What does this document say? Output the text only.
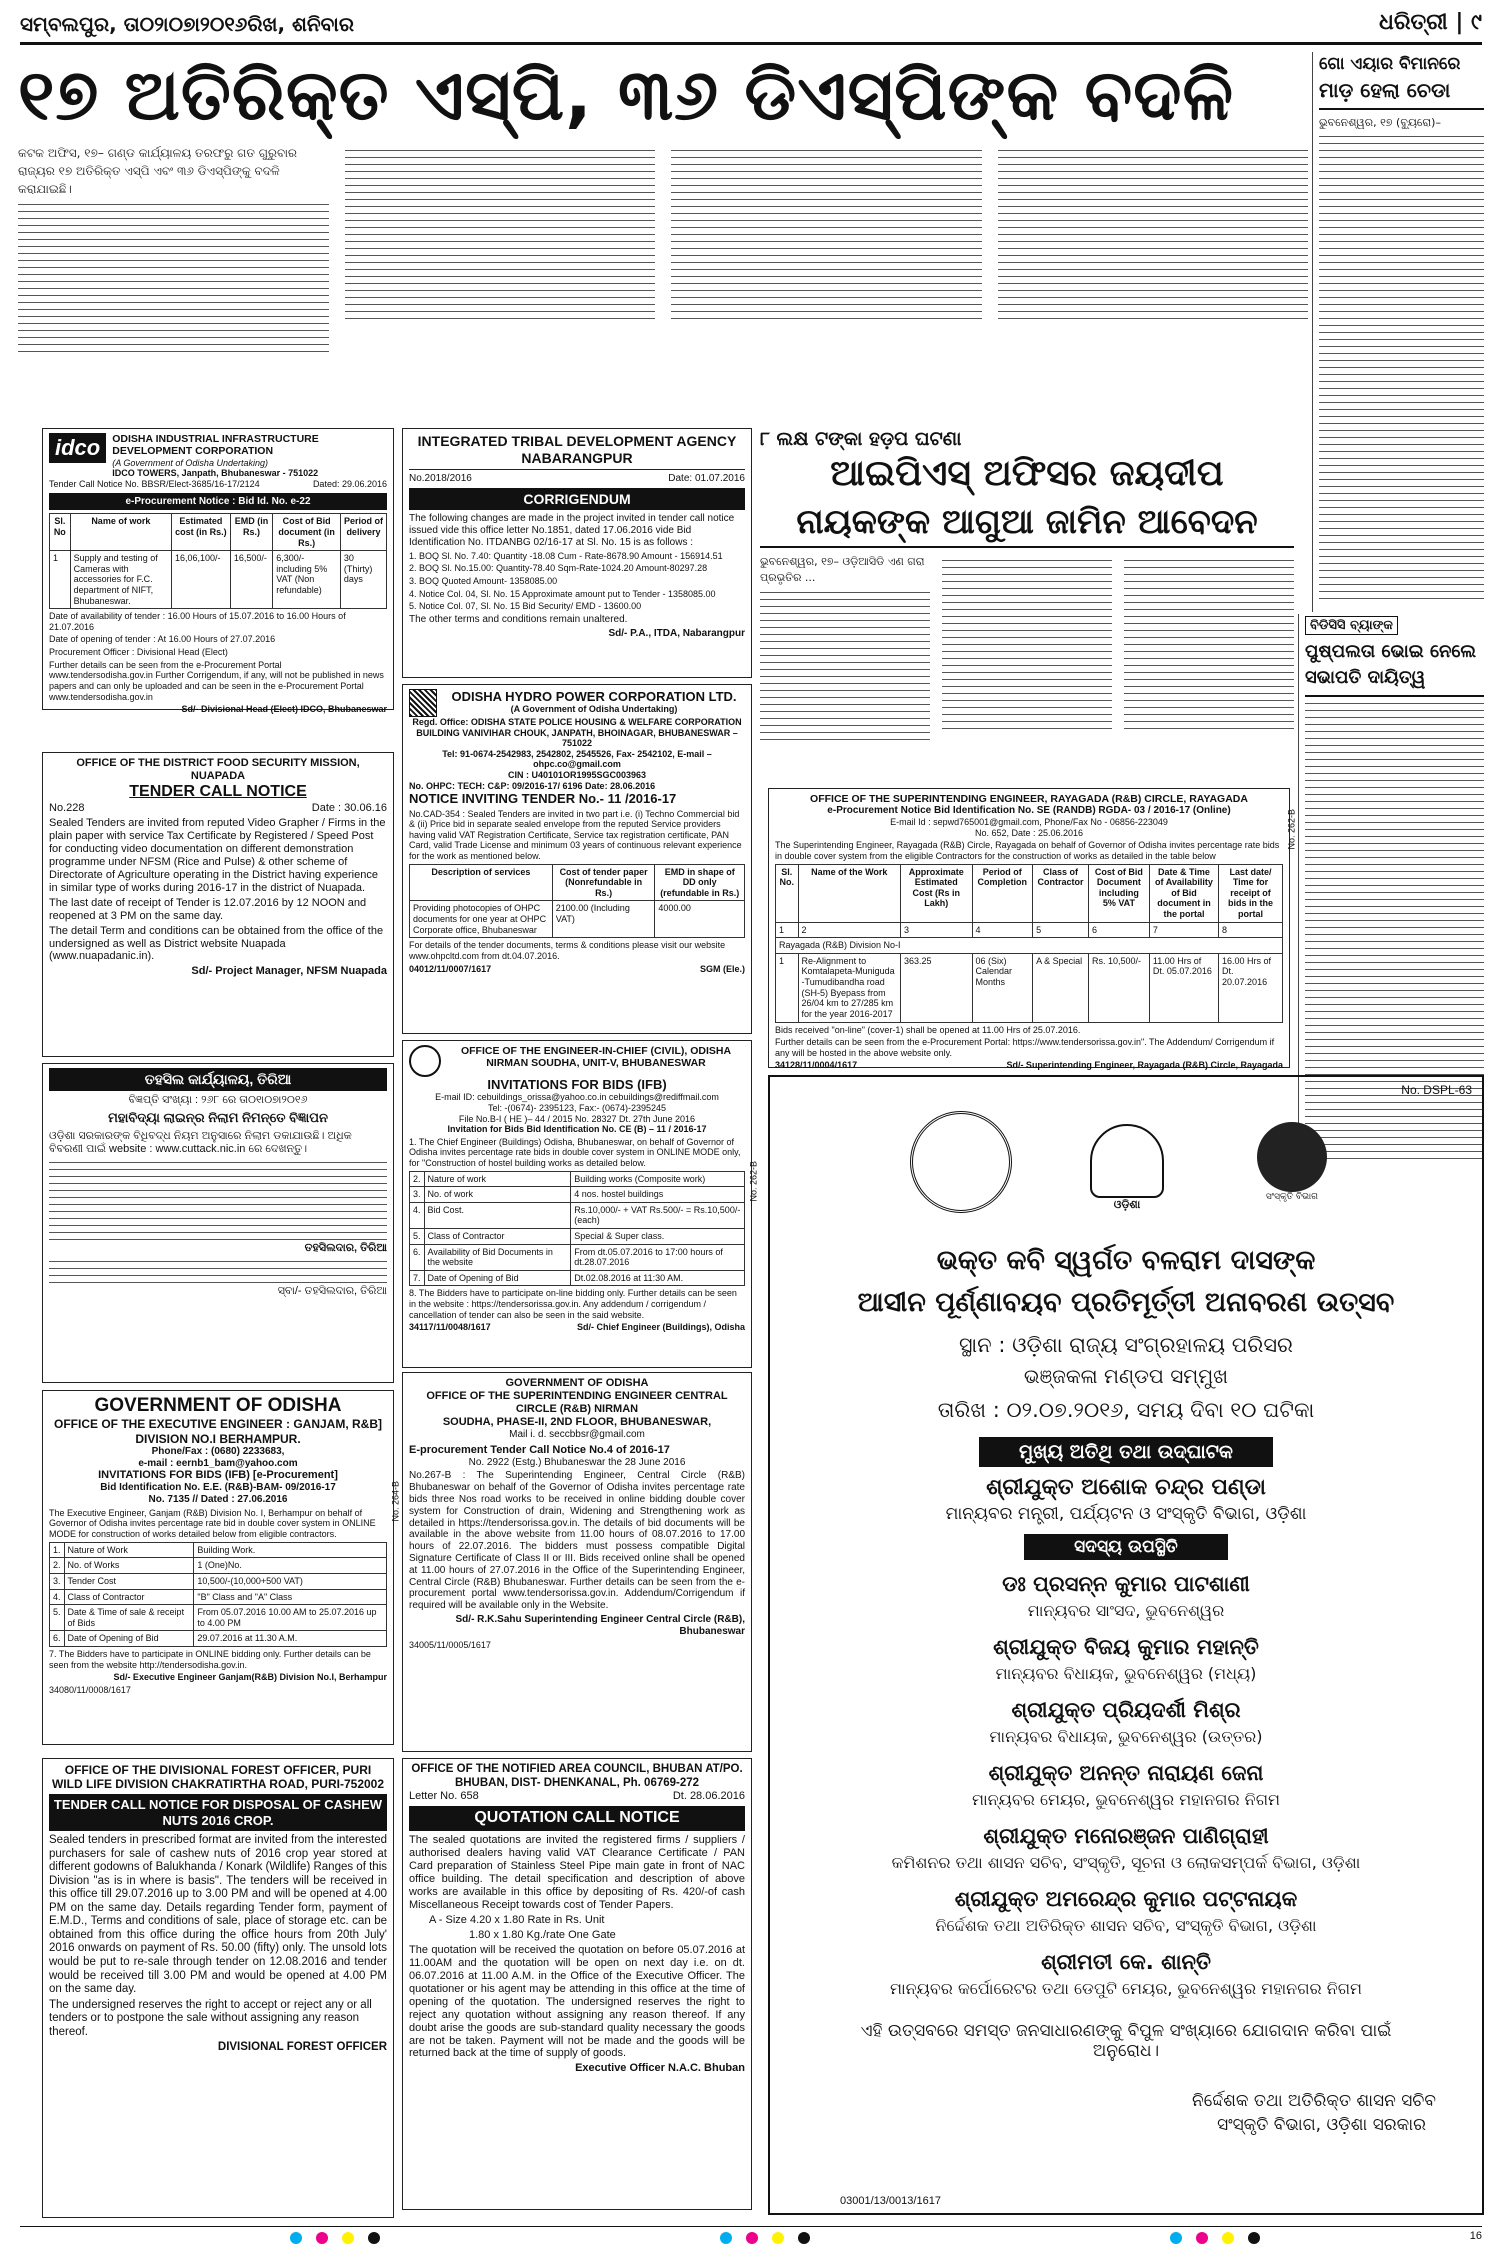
ସମ୍ବଲପୁର, ତା୦୨ା୦୭ା୨୦୧୬ରିଖ, ଶନିବାର	ଧରିତ୍ରୀ | ୯
୧୭ ଅତିରିକ୍ତ ଏସ୍‌ପି, ୩୬ ଡିଏସ୍‌ପିଙ୍କ ବଦଳି
କଟକ ଅଫିସ, ୧୭– ଗଣ୍ଡ କାର୍ଯ୍ୟାଳୟ ତରଫରୁ ଗତ ଗୁରୁବାର ରାଜ୍ୟର ୧୭ ଅତିରିକ୍ତ ଏସ୍‌ପି ଏବଂ ୩୬ ଡିଏସ୍‌ପିଙ୍କୁ ବଦଳି କରାଯାଇଛି।
ଗୋ ଏୟାର ବିମାନରେ
ମାଡ଼ ହେଲା ଚେଡା
ଭୁବନେଶ୍ୱର, ୧୭ (ବ୍ୟୁରୋ)–
ବିଡିସିସି ବ୍ୟାଙ୍କ
ପୁଷ୍ପଲତା ଭୋଇ ନେଲେ ସଭାପତି ଦାୟିତ୍ୱ
୮ ଲକ୍ଷ ଟଙ୍କା ହଡ଼ପ ଘଟଣା
ଆଇପିଏସ୍ ଅଫିସର ଜୟଦୀପ
ନାୟକଙ୍କ ଆଗୁଆ ଜାମିନ ଆବେଦନ
ଭୁବନେଶ୍ୱର, ୧୭– ଓଡ଼ିଆସିଡି ଏଣ ଗରା ପ୍ରଭୃତିର ...
idco	ODISHA INDUSTRIAL INFRASTRUCTURE DEVELOPMENT CORPORATION
(A Government of Odisha Undertaking)
IDCO TOWERS, Janpath, Bhubaneswar - 751022
Tender Call Notice No. BBSR/Elect-3685/16-17/2124	Dated: 29.06.2016
e-Procurement Notice : Bid Id. No. e-22
Sl. No	Name of work	Estimated cost (in Rs.)	EMD (in Rs.)	Cost of Bid document (in Rs.)	Period of delivery
1	Supply and testing of Cameras with accessories for F.C. department of NIFT, Bhubaneswar.	16,06,100/-	16,500/-	6,300/- including 5% VAT (Non refundable)	30 (Thirty) days

Date of availability of tender : 16.00 Hours of 15.07.2016 to 16.00 Hours of 21.07.2016

Date of opening of tender : At 16.00 Hours of 27.07.2016

Procurement Officer : Divisional Head (Elect)

Further details can be seen from the e-Procurement Portal www.tendersodisha.gov.in Further Corrigendum, if any, will not be published in news papers and can only be uploaded and can be seen in the e-Procurement Portal www.tendersodisha.gov.in

Sd/- Divisional Head (Elect) IDCO, Bhubaneswar

INTEGRATED TRIBAL DEVELOPMENT AGENCY NABARANGPUR
No.2018/2016	Date: 01.07.2016
CORRIGENDUM

The following changes are made in the project invited in tender call notice issued vide this office letter No.1851, dated 17.06.2016 vide Bid Identification No. ITDANBG 02/16-17 at Sl. No. 15 is as follows :

1. BOQ Sl. No. 7.40: Quantity -18.08 Cum - Rate-8678.90 Amount - 156914.51

2. BOQ Sl. No.15.00: Quantity-78.40 Sqm-Rate-1024.20 Amount-80297.28

3. BOQ Quoted Amount- 1358085.00

4. Notice Col. 04, Sl. No. 15 Approximate amount put to Tender - 1358085.00

5. Notice Col. 07, Sl. No. 15 Bid Security/ EMD - 13600.00

The other terms and conditions remain unaltered.

Sd/- P.A., ITDA, Nabarangpur

OFFICE OF THE DISTRICT FOOD SECURITY MISSION, NUAPADA
TENDER CALL NOTICE
No.228	Date : 30.06.16

Sealed Tenders are invited from reputed Video Grapher / Firms in the plain paper with service Tax Certificate by Registered / Speed Post for conducting video documentation on different demonstration programme under NFSM (Rice and Pulse) & other scheme of Directorate of Agriculture operating in the District having experience in similar type of works during 2016-17 in the district of Nuapada.

The last date of receipt of Tender is 12.07.2016 by 12 NOON and reopened at 3 PM on the same day.

The detail Term and conditions can be obtained from the office of the undersigned as well as District website Nuapada (www.nuapadanic.in).

Sd/- Project Manager, NFSM Nuapada

ODISHA HYDRO POWER CORPORATION LTD.
(A Government of Odisha Undertaking)
Regd. Office: ODISHA STATE POLICE HOUSING & WELFARE CORPORATION BUILDING VANIVIHAR CHOUK, JANPATH, BHOINAGAR, BHUBANESWAR – 751022
Tel: 91-0674-2542983, 2542802, 2545526, Fax- 2542102, E-mail – ohpc.co@gmail.com
CIN : U40101OR1995SGC003963
No. OHPC: TECH: C&P: 09/2016-17/ 6196 Date: 28.06.2016
NOTICE INVITING TENDER No.- 11 /2016-17

No.CAD-354 : Sealed Tenders are invited in two part i.e. (i) Techno Commercial bid & (ii) Price bid in separate sealed envelope from the reputed Service providers having valid VAT Registration Certificate, Service tax registration certificate, PAN Card, valid Trade License and minimum 03 years of continuous relevant experience for the work as mentioned below.

Description of services	Cost of tender paper (Nonrefundable in Rs.)	EMD in shape of DD only (refundable in Rs.)
Providing photocopies of OHPC documents for one year at OHPC Corporate office, Bhubaneswar	2100.00 (Including VAT)	4000.00

For details of the tender documents, terms & conditions please visit our website www.ohpcltd.com from dt.04.07.2016.

04012/11/0007/1617	SGM (Ele.)
ତହସିଲ କାର୍ଯ୍ୟାଳୟ, ତିରିଆ
ବିଜ୍ଞପ୍ତି ସଂଖ୍ୟା : ୨୬୮ ରେ ତା୦୧ା୦୭ା୨୦୧୬
ମହାବିଦ୍ୟା ଲାଇନ୍‌ର ନିଲାମ ନିମନ୍ତେ ବିଜ୍ଞାପନ

ଓଡ଼ିଶା ସରକାରଙ୍କ ବିଧିବଦ୍ଧ ନିୟମ ଅନୁସାରେ ନିଲାମ ଡକାଯାଉଛି। ଅଧିକ ବିବରଣୀ ପାଇଁ website : www.cuttack.nic.in ରେ ଦେଖନ୍ତୁ।

ତହସିଲଦାର, ତିରିଆ

ସ୍ବା/- ତହସିଲଦାର, ତିରିଆ

OFFICE OF THE ENGINEER-IN-CHIEF (CIVIL), ODISHA NIRMAN SOUDHA, UNIT-V, BHUBANESWAR
INVITATIONS FOR BIDS (IFB)
E-mail ID: cebuildings_orissa@yahoo.co.in cebuildings@rediffmail.com
Tel: -(0674)- 2395123, Fax:- (0674)-2395245
File No.B-I ( HE )– 44 / 2015 No. 28327 Dt. 27th June 2016
Invitation for Bids Bid Identification No. CE (B) – 11 / 2016-17

1. The Chief Engineer (Buildings) Odisha, Bhubaneswar, on behalf of Governor of Odisha invites percentage rate bids in double cover system in ONLINE MODE only, for "Construction of hostel building works as detailed below.

2.	Nature of work	Building works (Composite work)
3.	No. of work	4 nos. hostel buildings
4.	Bid Cost.	Rs.10,000/- + VAT Rs.500/- = Rs.10,500/- (each)
5.	Class of Contractor	Special & Super class.
6.	Availability of Bid Documents in the website	From dt.05.07.2016 to 17:00 hours of dt.28.07.2016
7.	Date of Opening of Bid	Dt.02.08.2016 at 11:30 AM.

8. The Bidders have to participate on-line bidding only. Further details can be seen in the website : https://tendersorissa.gov.in. Any addendum / corrigendum / cancellation of tender can also be seen in the said website.

34117/11/0048/1617	Sd/- Chief Engineer (Buildings), Odisha
No. 262-B
OFFICE OF THE SUPERINTENDING ENGINEER, RAYAGADA (R&B) CIRCLE, RAYAGADA
e-Procurement Notice Bid Identification No. SE (RANDB) RGDA- 03 / 2016-17 (Online)
E-mail Id : sepwd765001@gmail.com, Phone/Fax No - 06856-223049
No. 652, Date : 25.06.2016

The Superintending Engineer, Rayagada (R&B) Circle, Rayagada on behalf of Governor of Odisha invites percentage rate bids in double cover system from the eligible Contractors for the construction of works as detailed in the table below

Sl. No.	Name of the Work	Approximate Estimated Cost (Rs in Lakh)	Period of Completion	Class of Contractor	Cost of Bid Document including 5% VAT	Date & Time of Availability of Bid document in the portal	Last date/ Time for receipt of bids in the portal
1	2	3	4	5	6	7	8
Rayagada (R&B) Division No-I							
1	Re-Alignment to Komtalapeta-Muniguda -Tumudibandha road (SH-5) Byepass from 26/04 km to 27/285 km for the year 2016-2017	363.25	06 (Six) Calendar Months	A & Special	Rs. 10,500/-	11.00 Hrs of Dt. 05.07.2016	16.00 Hrs of Dt. 20.07.2016

Bids received "on-line" (cover-1) shall be opened at 11.00 Hrs of 25.07.2016.

Further details can be seen from the e-Procurement Portal: https://www.tendersorissa.gov.in". The Addendum/ Corrigendum if any will be hosted in the above website only.

34128/11/0004/1617	Sd/- Superintending Engineer, Rayagada (R&B) Circle, Rayagada
No. 262-B
No. DSPL-63
ଓଡ଼ିଶା
ସଂସ୍କୃତି ବିଭାଗ
ଭକ୍ତ କବି ସ୍ୱର୍ଗତ ବଳରାମ ଦାସଙ୍କ
ଆସୀନ ପୂର୍ଣ୍ଣାବୟବ ପ୍ରତିମୂର୍ତ୍ତୀ ଅନାବରଣ ଉତ୍ସବ
ସ୍ଥାନ : ଓଡ଼ିଶା ରାଜ୍ୟ ସଂଗ୍ରହାଳୟ ପରିସର
ଭଞ୍ଜକଳା ମଣ୍ଡପ ସମ୍ମୁଖ
ତାରିଖ : ୦୨.୦୭.୨୦୧୬, ସମୟ ଦିବା ୧୦ ଘଟିକା
ମୁଖ୍ୟ ଅତିଥି ତଥା ଉଦ୍‌ଘାଟକ
ଶ୍ରୀଯୁକ୍ତ ଅଶୋକ ଚନ୍ଦ୍ର ପଣ୍ଡା
ମାନ୍ୟବର ମନ୍ତ୍ରୀ, ପର୍ଯ୍ୟଟନ ଓ ସଂସ୍କୃତି ବିଭାଗ, ଓଡ଼ିଶା
ସଦସ୍ୟ ଉପସ୍ଥିତି
ଡଃ ପ୍ରସନ୍ନ କୁମାର ପାଟଶାଣୀ
ମାନ୍ୟବର ସାଂସଦ, ଭୁବନେଶ୍ୱର
ଶ୍ରୀଯୁକ୍ତ ବିଜୟ କୁମାର ମହାନ୍ତି
ମାନ୍ୟବର ବିଧାୟକ, ଭୁବନେଶ୍ୱର (ମଧ୍ୟ)
ଶ୍ରୀଯୁକ୍ତ ପ୍ରିୟଦର୍ଶୀ ମିଶ୍ର
ମାନ୍ୟବର ବିଧାୟକ, ଭୁବନେଶ୍ୱର (ଉତ୍ତର)
ଶ୍ରୀଯୁକ୍ତ ଅନନ୍ତ ନାରାୟଣ ଜେନା
ମାନ୍ୟବର ମେୟର, ଭୁବନେଶ୍ୱର ମହାନଗର ନିଗମ
ଶ୍ରୀଯୁକ୍ତ ମନୋରଞ୍ଜନ ପାଣିଗ୍ରାହୀ
କମିଶନର ତଥା ଶାସନ ସଚିବ, ସଂସ୍କୃତି, ସୂଚନା ଓ ଲୋକସମ୍ପର୍କ ବିଭାଗ, ଓଡ଼ିଶା
ଶ୍ରୀଯୁକ୍ତ ଅମରେନ୍ଦ୍ର କୁମାର ପଟ୍ଟନାୟକ
ନିର୍ଦ୍ଦେଶକ ତଥା ଅତିରିକ୍ତ ଶାସନ ସଚିବ, ସଂସ୍କୃତି ବିଭାଗ, ଓଡ଼ିଶା
ଶ୍ରୀମତୀ କେ. ଶାନ୍ତି
ମାନ୍ୟବର କର୍ପୋରେଟର ତଥା ଡେପୁଟି ମେୟର, ଭୁବନେଶ୍ୱର ମହାନଗର ନିଗମ
ଏହି ଉତ୍ସବରେ ସମସ୍ତ ଜନସାଧାରଣଙ୍କୁ ବିପୁଳ ସଂଖ୍ୟାରେ ଯୋଗଦାନ କରିବା ପାଇଁ ଅନୁରୋଧ।
ନିର୍ଦ୍ଦେଶକ ତଥା ଅତିରିକ୍ତ ଶାସନ ସଚିବ
ସଂସ୍କୃତି ବିଭାଗ, ଓଡ଼ିଶା ସରକାର
03001/13/0013/1617
GOVERNMENT OF ODISHA
OFFICE OF THE EXECUTIVE ENGINEER : GANJAM, R&B] DIVISION NO.I BERHAMPUR.
Phone/Fax : (0680) 2233683,
e-mail : eernb1_bam@yahoo.com
INVITATIONS FOR BIDS (IFB) [e-Procurement]
Bid Identification No. E.E. (R&B)-BAM- 09/2016-17
No. 7135 // Dated : 27.06.2016

The Executive Engineer, Ganjam (R&B) Division No. I, Berhampur on behalf of Governor of Odisha invites percentage rate bid in double cover system in ONLINE MODE for construction of works detailed below from eligible contractors.

1.	Nature of Work	Building Work.
2.	No. of Works	1 (One)No.
3.	Tender Cost	10,500/-(10,000+500 VAT)
4.	Class of Contractor	"B" Class and "A" Class
5.	Date & Time of sale & receipt of Bids	From 05.07.2016 10.00 AM to 25.07.2016 up to 4.00 PM
6.	Date of Opening of Bid	29.07.2016 at 11.30 A.M.

7. The Bidders have to participate in ONLINE bidding only. Further details can be seen from the website http://tendersodisha.gov.in.

Sd/- Executive Engineer Ganjam(R&B) Division No.I, Berhampur

34080/11/0008/1617
No. 264-B
GOVERNMENT OF ODISHA
OFFICE OF THE SUPERINTENDING ENGINEER CENTRAL CIRCLE (R&B) NIRMAN
SOUDHA, PHASE-II, 2ND FLOOR, BHUBANESWAR,
Mail i. d. seccbbsr@gmail.com
E-procurement Tender Call Notice No.4 of 2016-17
No. 2922 (Estg.) Bhubaneswar the 28 June 2016

No.267-B : The Superintending Engineer, Central Circle (R&B) Bhubaneswar on behalf of the Governor of Odisha invites percentage rate bids three Nos road works to be received in online bidding double cover system for Construction of drain, Widening and Strengthening work as detailed in https://tendersorissa.gov.in. The details of bid documents will be available in the above website from 11.00 hours of 08.07.2016 to 17.00 hours of 22.07.2016. The bidders must possess compatible Digital Signature Certificate of Class II or III. Bids received online shall be opened at 11.00 hours of 27.07.2016 in the Office of the Superintending Engineer, Central Circle (R&B) Bhubaneswar. Further details can be seen from the e-procurement portal www.tendersorissa.gov.in. Addendum/Corrigendum if required will be available only in the Website.

Sd/- R.K.Sahu Superintending Engineer Central Circle (R&B), Bhubaneswar

34005/11/0005/1617
OFFICE OF THE DIVISIONAL FOREST OFFICER, PURI WILD LIFE DIVISION CHAKRATIRTHA ROAD, PURI-752002
TENDER CALL NOTICE FOR DISPOSAL OF CASHEW NUTS 2016 CROP.

Sealed tenders in prescribed format are invited from the interested purchasers for sale of cashew nuts of 2016 crop year stored at different godowns of Balukhanda / Konark (Wildlife) Ranges of this Division "as is in where is basis". The tenders will be received in this office till 29.07.2016 up to 3.00 PM and will be opened at 4.00 PM on the same day. Details regarding Tender form, payment of E.M.D., Terms and conditions of sale, place of storage etc. can be obtained from this office during the office hours from 20th July' 2016 onwards on payment of Rs. 50.00 (fifty) only. The unsold lots would be put to re-sale through tender on 12.08.2016 and tender would be received till 3.00 PM and would be opened at 4.00 PM on the same day.

The undersigned reserves the right to accept or reject any or all tenders or to postpone the sale without assigning any reason thereof.

DIVISIONAL FOREST OFFICER

OFFICE OF THE NOTIFIED AREA COUNCIL, BHUBAN AT/PO. BHUBAN, DIST- DHENKANAL, Ph. 06769-272
Letter No. 658	Dt. 28.06.2016
QUOTATION CALL NOTICE

The sealed quotations are invited the registered firms / suppliers / authorised dealers having valid VAT Clearance Certificate / PAN Card preparation of Stainless Steel Pipe main gate in front of NAC office building. The detail specification and description of above works are available in this office by depositing of Rs. 420/-of cash Miscellaneous Receipt towards cost of Tender Papers.

A - Size 4.20 x 1.80 Rate in Rs. Unit

1.80 x 1.80 Kg./rate One Gate

The quotation will be received the quotation on before 05.07.2016 at 11.00AM and the quotation will be open on next day i.e. on dt. 06.07.2016 at 11.00 A.M. in the Office of the Executive Officer. The quotationer or his agent may be attending in this office at the time of opening of the quotation. The undersigned reserves the right to reject any quotation without assigning any reason thereof. If any doubt arise the goods are sub-standard quality necessary the goods are not be taken. Payment will not be made and the goods will be returned back at the time of supply of goods.

Executive Officer N.A.C. Bhuban

16
